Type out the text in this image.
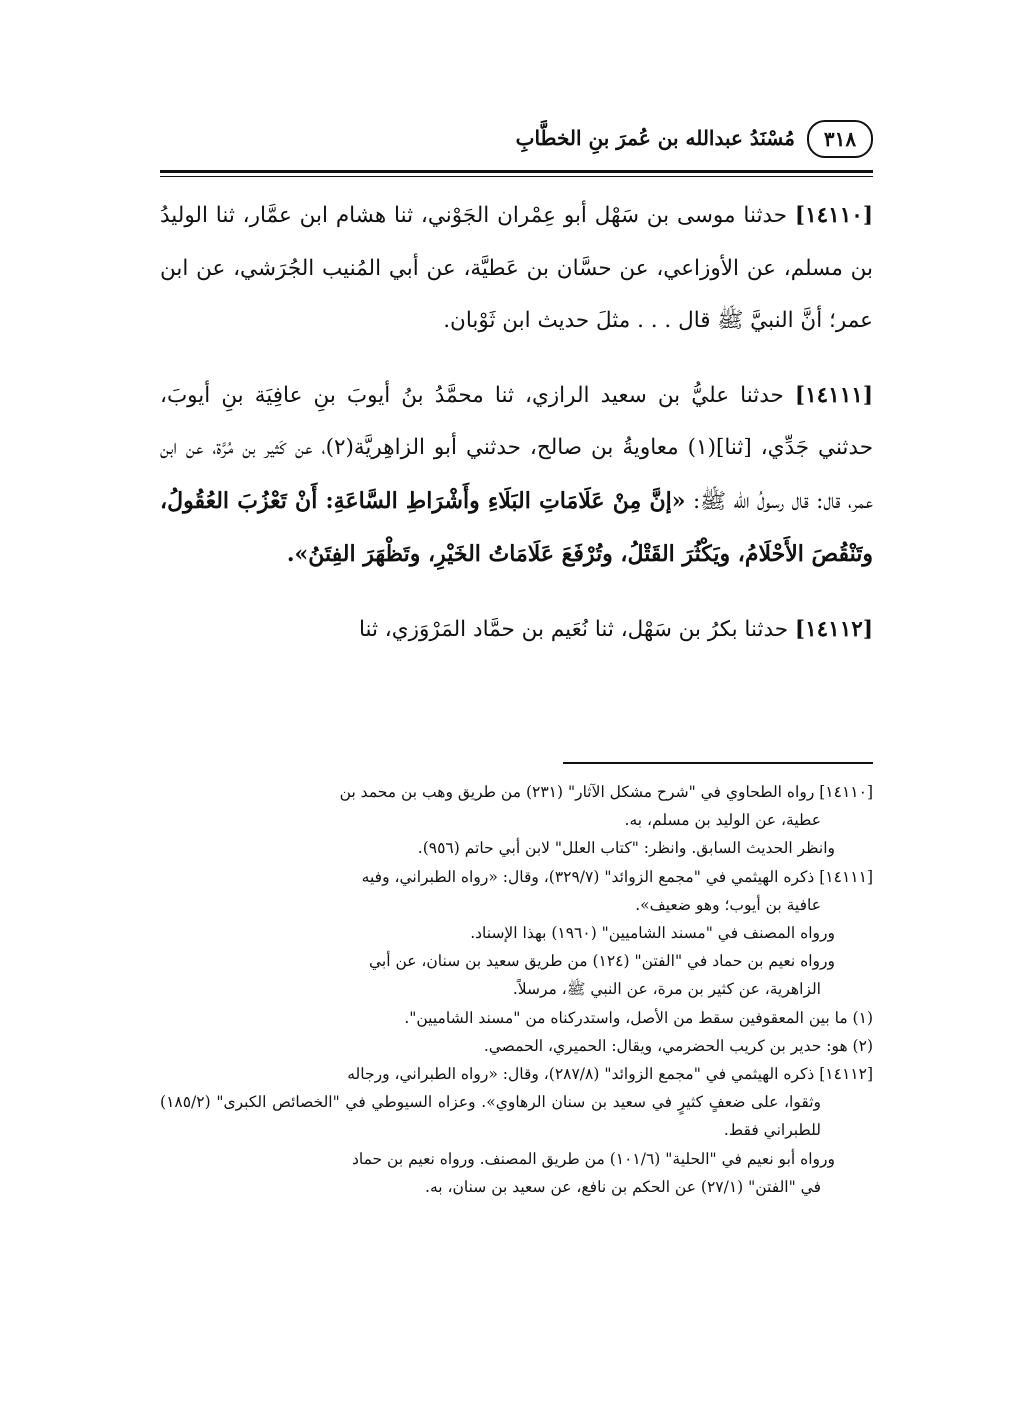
٣١٨
مُسْنَدُ عبدالله بن عُمرَ بنِ الخطَّابِ

[١٤١١٠] حدثنا موسى بن سَهْل أبو عِمْران الجَوْني، ثنا هشام ابن عمَّار، ثنا الوليدُ بن مسلم، عن الأوزاعي، عن حسَّان بن عَطيَّة، عن أبي المُنيب الجُرَشي، عن ابن عمر؛ أنَّ النبيَّ ﷺ قال . . . مثلَ حديث ابن ثَوْبان.

[١٤١١١] حدثنا عليُّ بن سعيد الرازي، ثنا محمَّدُ بنُ أيوبَ بنِ عافِيَة بنِ أيوبَ، حدثني جَدِّي، [ثنا](١) معاويةُ بن صالح، حدثني أبو الزاهِريَّة(٢)، عن كَثير بن مُرَّة، عن ابن عمر، قال: قال رسولُ الله ﷺ: «إنَّ مِنْ عَلَامَاتِ البَلَاءِ وأَشْرَاطِ السَّاعَةِ: أَنْ تَعْزُبَ العُقُولُ، وتَنْقُصَ الأَحْلَامُ، ويَكْثُرَ القَتْلُ، وتُرْفَعَ عَلَامَاتُ الخَيْرِ، وتَظْهَرَ الفِتَنُ».

[١٤١١٢] حدثنا بكرُ بن سَهْل، ثنا نُعَيم بن حمَّاد المَرْوَزي، ثنا

[١٤١١٠] رواه الطحاوي في "شرح مشكل الآثار" (٢٣١) من طريق وهب بن محمد بن

عطية، عن الوليد بن مسلم، به.

وانظر الحديث السابق. وانظر: "كتاب العلل" لابن أبي حاتم (٩٥٦).

[١٤١١١] ذكره الهيثمي في "مجمع الزوائد" (٣٢٩/٧)، وقال: «رواه الطبراني، وفيه

عافية بن أيوب؛ وهو ضعيف».

ورواه المصنف في "مسند الشاميين" (١٩٦٠) بهذا الإسناد.

ورواه نعيم بن حماد في "الفتن" (١٢٤) من طريق سعيد بن سنان، عن أبي

الزاهرية، عن كثير بن مرة، عن النبي ﷺ، مرسلاً.

(١) ما بين المعقوفين سقط من الأصل، واستدركناه من "مسند الشاميين".

(٢) هو: حدير بن كريب الحضرمي، ويقال: الحميري، الحمصي.

[١٤١١٢] ذكره الهيثمي في "مجمع الزوائد" (٢٨٧/٨)، وقال: «رواه الطبراني، ورجاله

وثقوا، على ضعفٍ كثيرٍ في سعيد بن سنان الرهاوي». وعزاه السيوطي في "الخصائص الكبرى" (١٨٥/٢) للطبراني فقط.

ورواه أبو نعيم في "الحلية" (١٠١/٦) من طريق المصنف. ورواه نعيم بن حماد

في "الفتن" (٢٧/١) عن الحكم بن نافع، عن سعيد بن سنان، به.
